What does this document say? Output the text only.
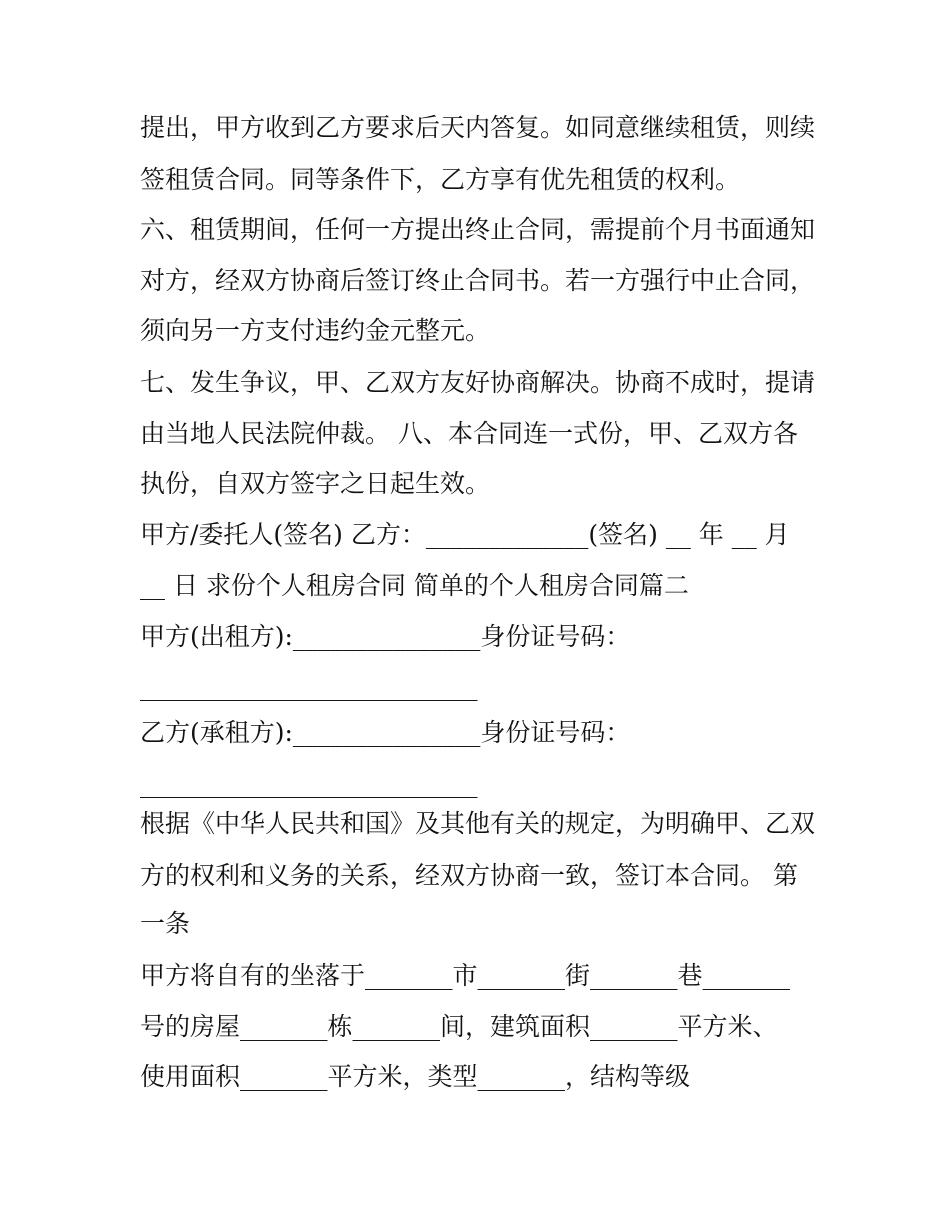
提出，甲方收到乙方要求后天内答复。如同意继续租赁，则续
签租赁合同。同等条件下，乙方享有优先租赁的权利。
六、租赁期间，任何一方提出终止合同，需提前个月书面通知
对方，经双方协商后签订终止合同书。若一方强行中止合同，
须向另一方支付违约金元整元。
七、发生争议，甲、乙双方友好协商解决。协商不成时，提请
由当地人民法院仲裁。 八、本合同连一式份，甲、乙双方各
执份，自双方签字之日起生效。
甲方/委托人(签名) 乙方：_____________(签名) __ 年 __ 月
__ 日 求份个人租房合同 简单的个人租房合同篇二
甲方(出租方):_______________身份证号码：
___________________________
乙方(承租方):_______________身份证号码：
___________________________
根据《中华人民共和国》及其他有关的规定，为明确甲、乙双
方的权利和义务的关系，经双方协商一致，签订本合同。 第
一条
甲方将自有的坐落于_______市_______街_______巷_______
号的房屋_______栋_______间，建筑面积_______平方米、
使用面积_______平方米，类型_______，结构等级
